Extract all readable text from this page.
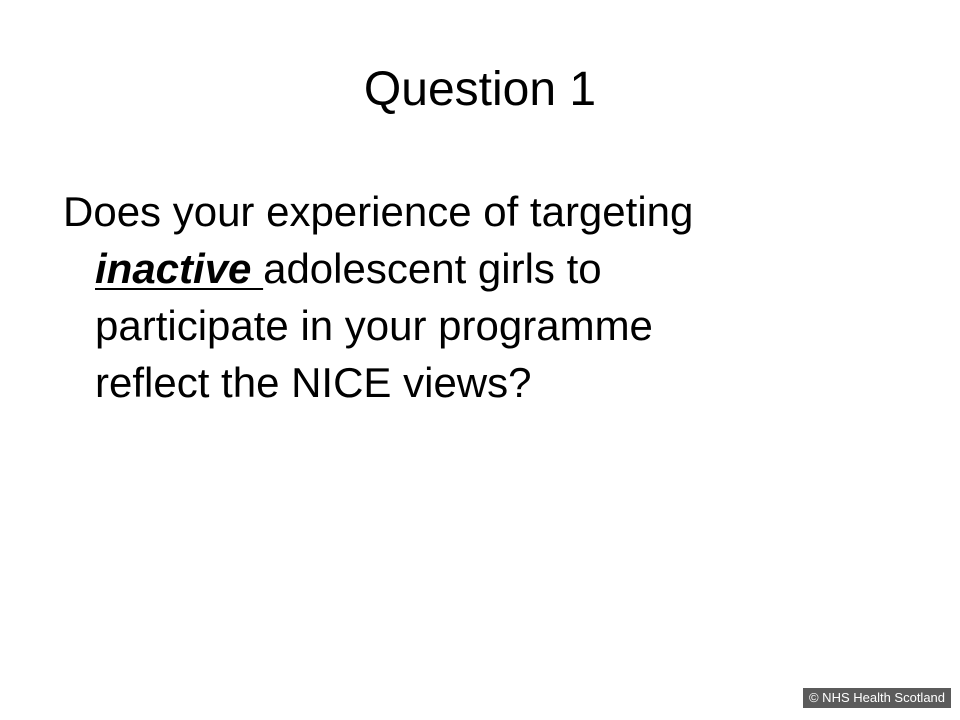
Question 1
Does your experience of targeting
inactive adolescent girls to
participate in your programme
reflect the NICE views?
© NHS Health Scotland
